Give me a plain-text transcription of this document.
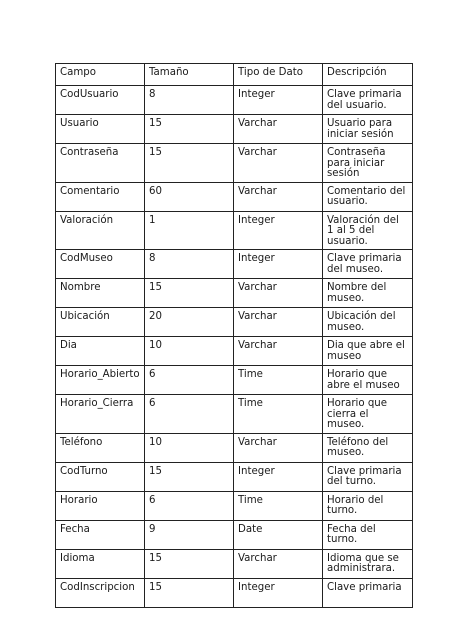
Campo	Tamaño	Tipo de Dato	Descripción
CodUsuario	8	Integer	Clave primaria del usuario.
Usuario	15	Varchar	Usuario para iniciar sesión
Contraseña	15	Varchar	Contraseña para iniciar sesión
Comentario	60	Varchar	Comentario del usuario.
Valoración	1	Integer	Valoración del 1 al 5 del usuario.
CodMuseo	8	Integer	Clave primaria del museo.
Nombre	15	Varchar	Nombre del museo.
Ubicación	20	Varchar	Ubicación del museo.
Dia	10	Varchar	Dia que abre el museo
Horario_Abierto	6	Time	Horario que abre el museo
Horario_Cierra	6	Time	Horario que cierra el museo.
Teléfono	10	Varchar	Teléfono del museo.
CodTurno	15	Integer	Clave primaria del turno.
Horario	6	Time	Horario del turno.
Fecha	9	Date	Fecha del turno.
Idioma	15	Varchar	Idioma que se administrara.
CodInscripcion	15	Integer	Clave primaria
